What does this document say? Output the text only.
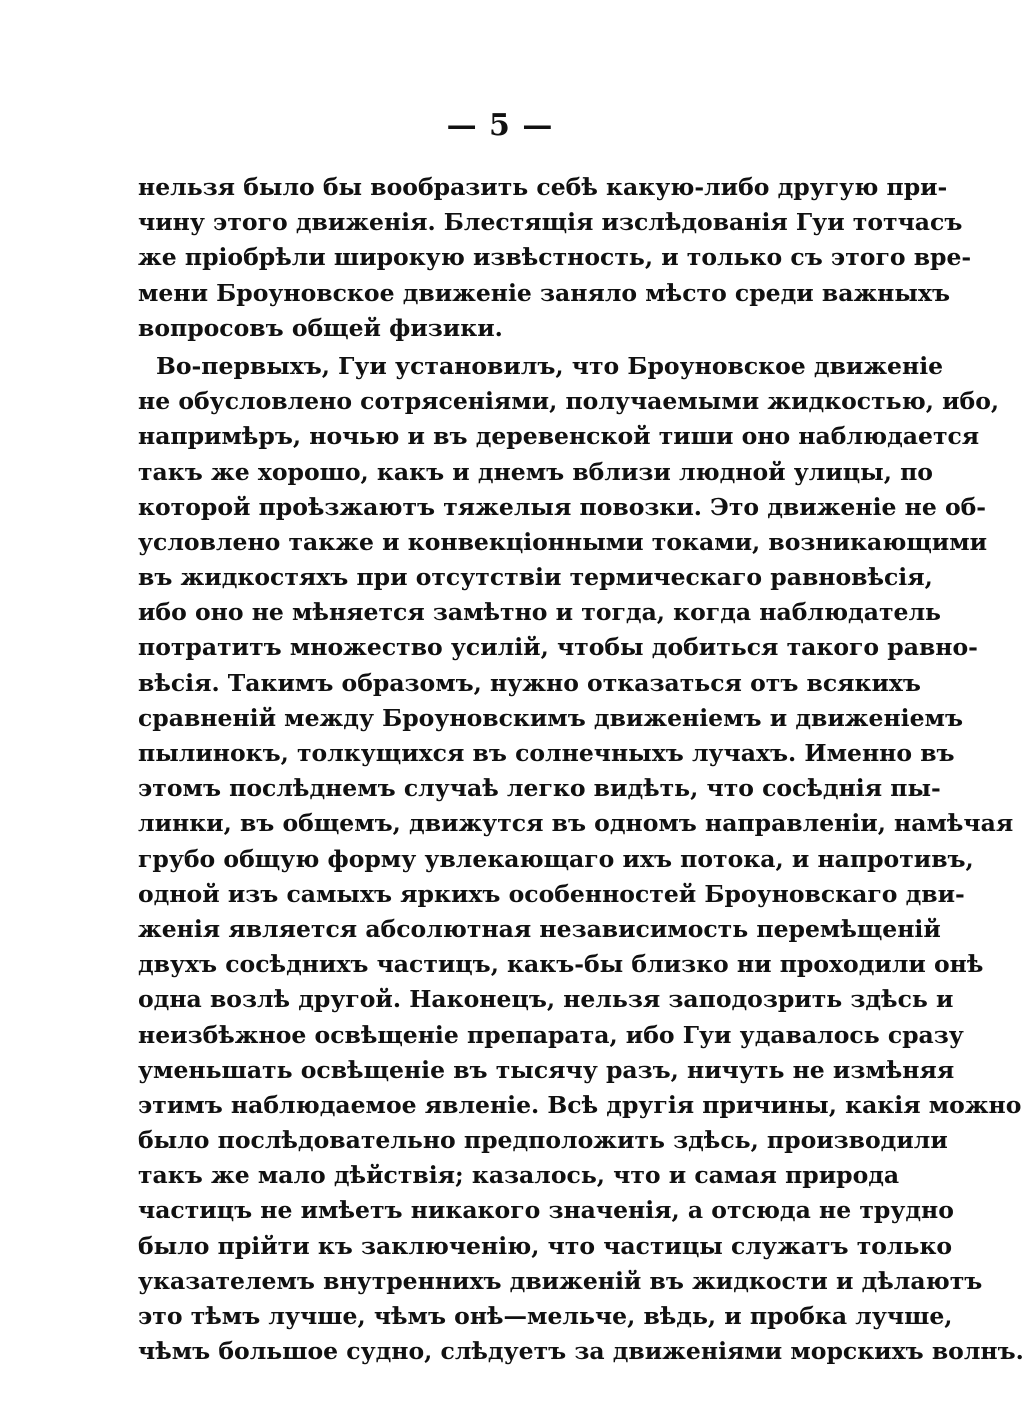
— 5 —
нельзя было бы вообразить себѣ какую-либо другую при-
чину этого движенія. Блестящія изслѣдованія Гуи тотчасъ
же пріобрѣли широкую извѣстность, и только съ этого вре-
мени Броуновское движеніе заняло мѣсто среди важныхъ
вопросовъ общей физики.
Во-первыхъ, Гуи установилъ, что Броуновское движеніе
не обусловлено сотрясеніями, получаемыми жидкостью, ибо,
напримѣръ, ночью и въ деревенской тиши оно наблюдается
такъ же хорошо, какъ и днемъ вблизи людной улицы, по
которой проѣзжаютъ тяжелыя повозки. Это движеніе не об-
условлено также и конвекціонными токами, возникающими
въ жидкостяхъ при отсутствіи термическаго равновѣсія,
ибо оно не мѣняется замѣтно и тогда, когда наблюдатель
потратитъ множество усилій, чтобы добиться такого равно-
вѣсія. Такимъ образомъ, нужно отказаться отъ всякихъ
сравненій между Броуновскимъ движеніемъ и движеніемъ
пылинокъ, толкущихся въ солнечныхъ лучахъ. Именно въ
этомъ послѣднемъ случаѣ легко видѣть, что сосѣднія пы-
линки, въ общемъ, движутся въ одномъ направленіи, намѣчая
грубо общую форму увлекающаго ихъ потока, и напротивъ,
одной изъ самыхъ яркихъ особенностей Броуновскаго дви-
женія является абсолютная независимость перемѣщеній
двухъ сосѣднихъ частицъ, какъ-бы близко ни проходили онѣ
одна возлѣ другой. Наконецъ, нельзя заподозрить здѣсь и
неизбѣжное освѣщеніе препарата, ибо Гуи удавалось сразу
уменьшать освѣщеніе въ тысячу разъ, ничуть не измѣняя
этимъ наблюдаемое явленіе. Всѣ другія причины, какія можно
было послѣдовательно предположить здѣсь, производили
такъ же мало дѣйствія; казалось, что и самая природа
частицъ не имѣетъ никакого значенія, а отсюда не трудно
было прійти къ заключенію, что частицы служатъ только
указателемъ внутреннихъ движеній въ жидкости и дѣлаютъ
это тѣмъ лучше, чѣмъ онѣ—мельче, вѣдь, и пробка лучше,
чѣмъ большое судно, слѣдуетъ за движеніями морскихъ волнъ.
